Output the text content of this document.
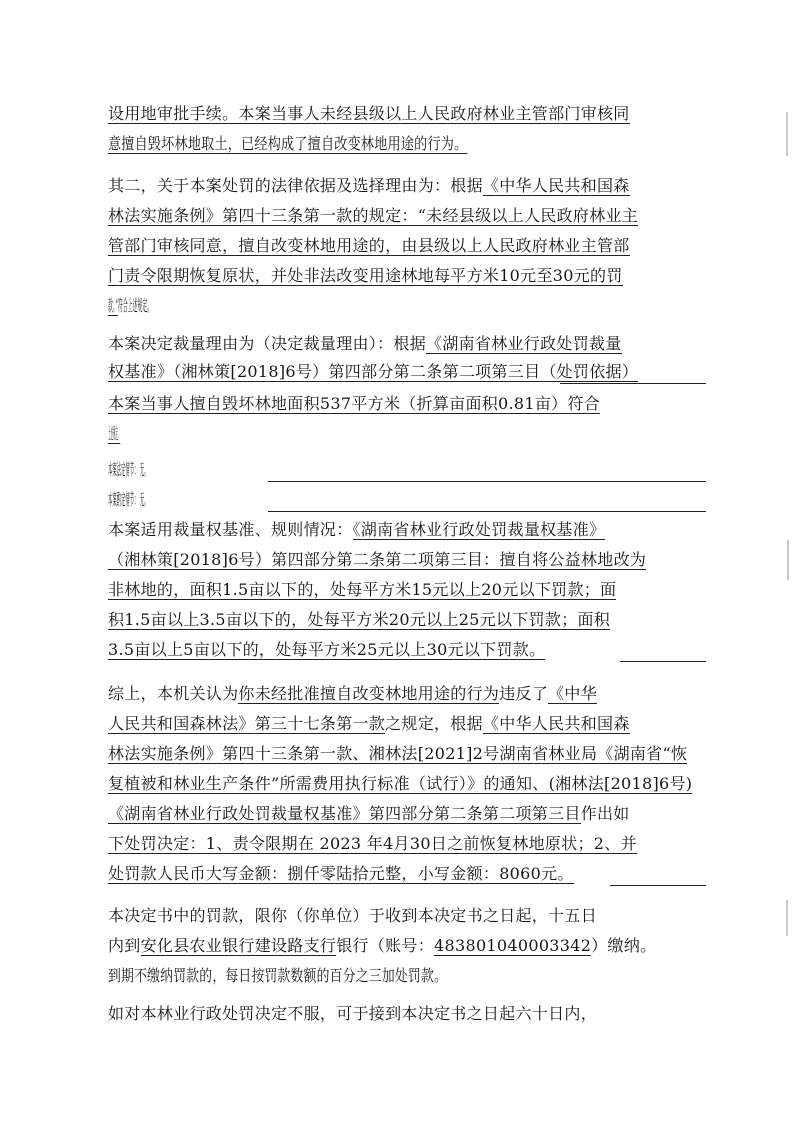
设用地审批手续。本案当事人未经县级以上人民政府林业主管部门审核同
意擅自毁坏林地取土，已经构成了擅自改变林地用途的行为。
其二，关于本案处罚的法律依据及选择理由为：根据《中华人民共和国森
林法实施条例》第四十三条第一款的规定：“未经县级以上人民政府林业主
管部门审核同意，擅自改变林地用途的，由县级以上人民政府林业主管部
门责令限期恢复原状，并处非法改变用途林地每平方米10元至30元的罚
款。”符合上述规定。
本案决定裁量理由为（决定裁量理由）：根据《湖南省林业行政处罚裁量
权基准》（湘林策[2018]6号）第四部分第二条第二项第三目（处罚依据）
本案当事人擅自毁坏林地面积537平方米（折算亩面积0.81亩）符合
上述规定。
本案法定情节： 无。
本案酌定情节： 无。
本案适用裁量权基准、规则情况：《湖南省林业行政处罚裁量权基准》
（湘林策[2018]6号）第四部分第二条第二项第三目：擅自将公益林地改为
非林地的，面积1.5亩以下的，处每平方米15元以上20元以下罚款；面
积1.5亩以上3.5亩以下的，处每平方米20元以上25元以下罚款；面积
3.5亩以上5亩以下的，处每平方米25元以上30元以下罚款。
综上，本机关认为你未经批准擅自改变林地用途的行为违反了《中华
人民共和国森林法》第三十七条第一款之规定，根据《中华人民共和国森
林法实施条例》第四十三条第一款、湘林法[2021]2号湖南省林业局《湖南省“恢
复植被和林业生产条件”所需费用执行标准（试行）》的通知、(湘林法[2018]6号)
《湖南省林业行政处罚裁量权基准》第四部分第二条第二项第三目作出如
下处罚决定：1、责令限期在 2023 年4月30日之前恢复林地原状；2、并
处罚款人民币大写金额：捌仟零陆拾元整，小写金额：8060元。
本决定书中的罚款，限你（你单位）于收到本决定书之日起，十五日
内到安化县农业银行建设路支行银行（账号：483801040003342）缴纳。
到期不缴纳罚款的，每日按罚款数额的百分之三加处罚款。
如对本林业行政处罚决定不服，可于接到本决定书之日起六十日内，
